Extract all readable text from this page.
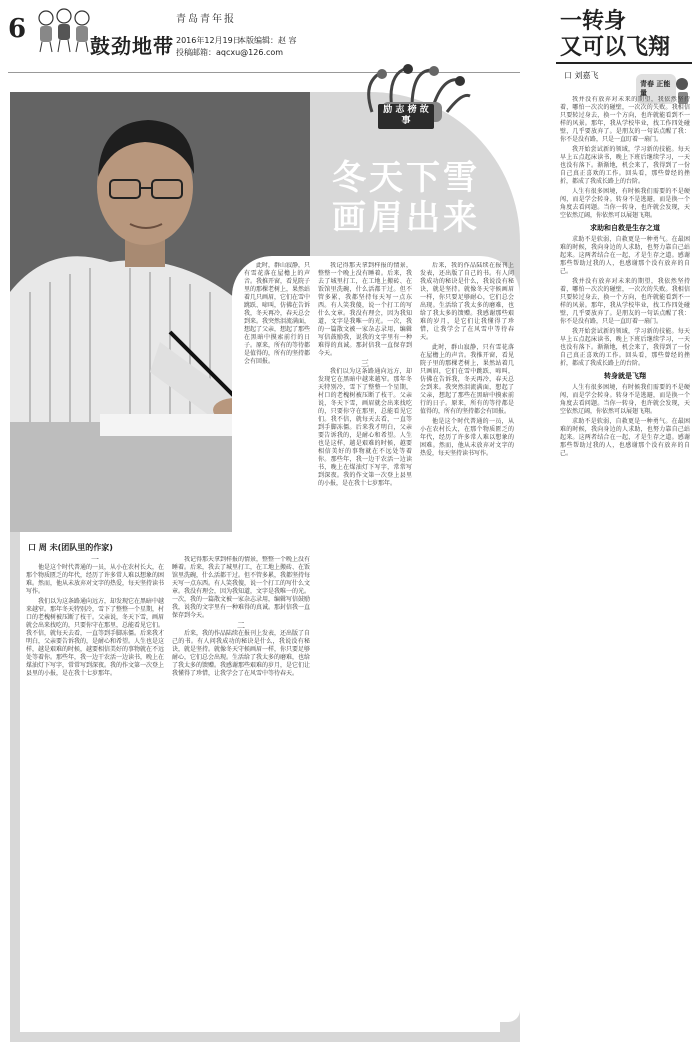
6
鼓劲地带
青岛青年报
2016年12月19日
本版编辑：赵 容
投稿邮箱：aqcxu@126.com
励 志 榜 故 事
冬天下雪
画眉出来
口 周 未(团队里的作家)
一

他是这个时代普通的一员，从小在农村长大，在那个物质匮乏的年代，经历了许多常人难以想象的困难。然而，他从未放弃对文字的热爱，每天坚持读书写作。

我们以为这条路通向远方，却发现它在黑暗中越来越窄。那年冬天特别冷，雪下了整整一个星期，村口的老槐树被压断了枝干。父亲说，冬天下雪，画眉就会出来找吃的，只要你守在那里，总能看见它们。我不信，就每天去看，一直等到手脚冻僵。后来我才明白，父亲要告诉我的，是耐心和希望。人生也是这样，越是艰难的时候，越要相信美好的事物就在不远处等着你。那些年，我一边干农活一边读书，晚上在煤油灯下写字，常常写到深夜。我的作文第一次登上县里的小报，是在我十七岁那年。

我记得那天拿到样报的情景，整整一个晚上没有睡着。后来，我去了城里打工，在工地上搬砖、在饭馆里洗碗，什么活都干过。但不管多累，我都坚持每天写一点东西。有人笑我傻，说一个打工的写什么文章。我没有理会，因为我知道，文字是我唯一的光。一次，我的一篇散文被一家杂志录用，编辑写信鼓励我，说我的文字里有一种难得的真诚。那封信我一直保存到今天。

二

后来，我的作品陆续在报刊上发表，还出版了自己的书。有人问我成功的秘诀是什么，我说没有秘诀，就是坚持。就像冬天守候画眉一样，你只要足够耐心，它们总会出现。生活给了我太多的磨难，也给了我太多的馈赠。我感谢那些艰难的岁月，是它们让我懂得了珍惜，让我学会了在风雪中等待春天。

此时，群山寂静，只有雪花落在屋檐上的声音。我推开窗，看见院子里的那棵老树上，果然站着几只画眉，它们在雪中跳跃、啼叫，仿佛在告诉我，冬天再冷，春天总会到来。我突然泪流满面，想起了父亲，想起了那些在黑暗中摸索前行的日子。原来，所有的等待都是值得的，所有的坚持都会有回报。

我记得那天拿到样报的情景，整整一个晚上没有睡着。后来，我去了城里打工，在工地上搬砖、在饭馆里洗碗，什么活都干过。但不管多累，我都坚持每天写一点东西。有人笑我傻，说一个打工的写什么文章。我没有理会，因为我知道，文字是我唯一的光。一次，我的一篇散文被一家杂志录用，编辑写信鼓励我，说我的文字里有一种难得的真诚。那封信我一直保存到今天。

三

我们以为这条路通向远方，却发现它在黑暗中越来越窄。那年冬天特别冷，雪下了整整一个星期，村口的老槐树被压断了枝干。父亲说，冬天下雪，画眉就会出来找吃的，只要你守在那里，总能看见它们。我不信，就每天去看，一直等到手脚冻僵。后来我才明白，父亲要告诉我的，是耐心和希望。人生也是这样，越是艰难的时候，越要相信美好的事物就在不远处等着你。那些年，我一边干农活一边读书，晚上在煤油灯下写字，常常写到深夜。我的作文第一次登上县里的小报，是在我十七岁那年。

后来，我的作品陆续在报刊上发表，还出版了自己的书。有人问我成功的秘诀是什么，我说没有秘诀，就是坚持。就像冬天守候画眉一样，你只要足够耐心，它们总会出现。生活给了我太多的磨难，也给了我太多的馈赠。我感谢那些艰难的岁月，是它们让我懂得了珍惜，让我学会了在风雪中等待春天。

此时，群山寂静，只有雪花落在屋檐上的声音。我推开窗，看见院子里的那棵老树上，果然站着几只画眉，它们在雪中跳跃、啼叫，仿佛在告诉我，冬天再冷，春天总会到来。我突然泪流满面，想起了父亲，想起了那些在黑暗中摸索前行的日子。原来，所有的等待都是值得的，所有的坚持都会有回报。

他是这个时代普通的一员，从小在农村长大，在那个物质匮乏的年代，经历了许多常人难以想象的困难。然而，他从未放弃对文字的热爱，每天坚持读书写作。

一转身
又可以飞翔
口 刘嘉飞
青春 正能量

我并没有放弃对未来的期望，我依然坚持着，哪怕一次次的碰壁，一次次的失败。我相信只要转过身去，换一个方向，也许就能看到不一样的风景。那年，我从学校毕业，找工作四处碰壁，几乎要放弃了。是朋友的一句话点醒了我：你不是没有路，只是一直盯着一扇门。

我开始尝试新的领域，学习新的技能。每天早上五点起床读书，晚上下班后继续学习，一天也没有落下。渐渐地，机会来了，我得到了一份自己真正喜欢的工作。回头看，那些曾经的挫折，都成了我成长路上的台阶。

人生有很多困境，有时候我们需要的不是硬闯，而是学会转身。转身不是逃避，而是换一个角度去看问题。当你一转身，也许就会发现，天空依然辽阔，你依然可以展翅飞翔。

求助和自救是生存之道

求助不是软弱，自救更是一种勇气。在最困难的时候，我向身边的人求助，也努力靠自己站起来。这两者结合在一起，才是生存之道。感谢那些帮助过我的人，也感谢那个没有放弃的自己。

我并没有放弃对未来的期望，我依然坚持着，哪怕一次次的碰壁，一次次的失败。我相信只要转过身去，换一个方向，也许就能看到不一样的风景。那年，我从学校毕业，找工作四处碰壁，几乎要放弃了。是朋友的一句话点醒了我：你不是没有路，只是一直盯着一扇门。

我开始尝试新的领域，学习新的技能。每天早上五点起床读书，晚上下班后继续学习，一天也没有落下。渐渐地，机会来了，我得到了一份自己真正喜欢的工作。回头看，那些曾经的挫折，都成了我成长路上的台阶。

转身就是飞翔

人生有很多困境，有时候我们需要的不是硬闯，而是学会转身。转身不是逃避，而是换一个角度去看问题。当你一转身，也许就会发现，天空依然辽阔，你依然可以展翅飞翔。

求助不是软弱，自救更是一种勇气。在最困难的时候，我向身边的人求助，也努力靠自己站起来。这两者结合在一起，才是生存之道。感谢那些帮助过我的人，也感谢那个没有放弃的自己。
